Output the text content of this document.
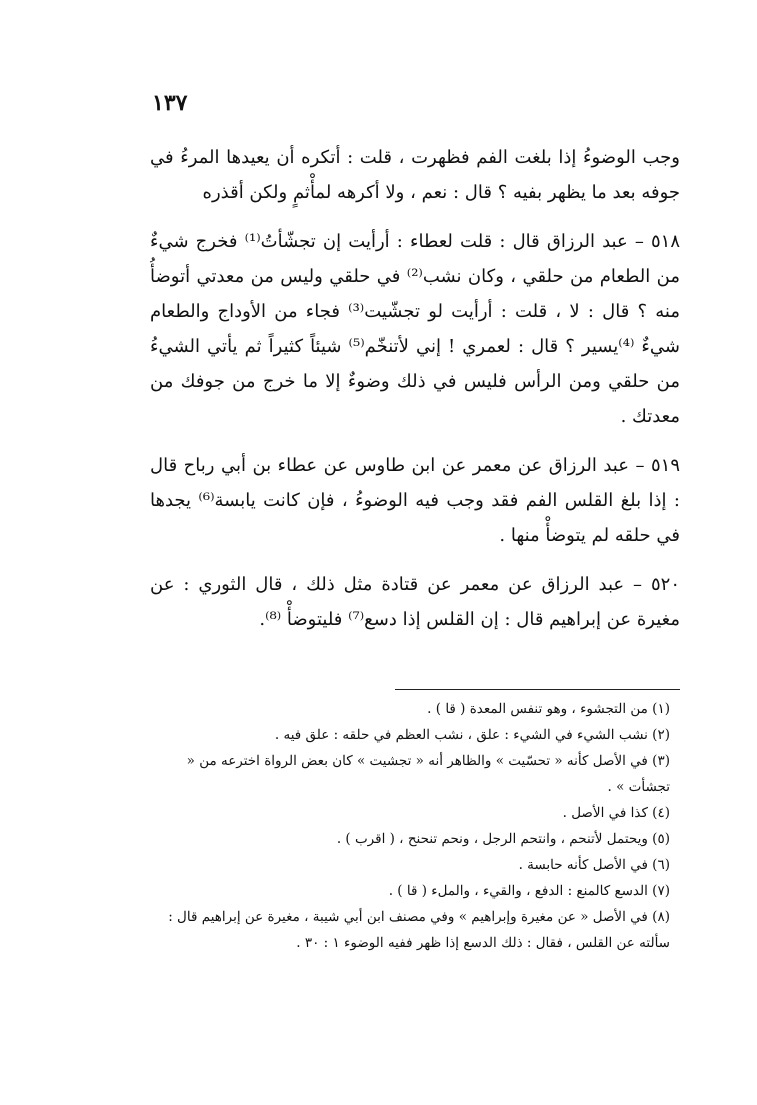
١٣٧

وجب الوضوءُ إذا بلغت الفم فظهرت ، قلت : أتكره أن يعيدها المرءُ في جوفه بعد ما يظهر بفيه ؟ قال : نعم ، ولا أكرهه لمأْثمٍ ولكن أقذره

٥١٨ – عبد الرزاق قال : قلت لعطاء : أرأيت إن تجشّأتُ⁽¹⁾ فخرج شيءٌ من الطعام من حلقي ، وكان نشب⁽²⁾ في حلقي وليس من معدتي أتوضأُ منه ؟ قال : لا ، قلت : أرأيت لو تجشّيت⁽³⁾ فجاء من الأوداج والطعام شيءٌ ⁽⁴⁾يسير ؟ قال : لعمري ! إني لأتنخّم⁽⁵⁾ شيئاً كثيراً ثم يأتي الشيءُ من حلقي ومن الرأس فليس في ذلك وضوءٌ إلا ما خرج من جوفك من معدتك .

٥١٩ – عبد الرزاق عن معمر عن ابن طاوس عن عطاء بن أبي رباح قال : إذا بلغ القلس الفم فقد وجب فيه الوضوءُ ، فإن كانت يابسة⁽⁶⁾ يجدها في حلقه لم يتوضأْ منها .

٥٢٠ – عبد الرزاق عن معمر عن قتادة مثل ذلك ، قال الثوري : عن مغيرة عن إبراهيم قال : إن القلس إذا دسع⁽⁷⁾ فليتوضأْ ⁽⁸⁾.

(١) من التجشوء ، وهو تنفس المعدة ( قا ) .

(٢) نشب الشيء في الشيء : علق ، نشب العظم في حلقه : علق فيه .

(٣) في الأصل كأنه « تحسّيت » والظاهر أنه « تجشيت » كان بعض الرواة اخترعه من « تجشأت » .

(٤) كذا في الأصل .

(٥) ويحتمل لأتنحم ، وانتحم الرجل ، ونحم تنحنح ، ( اقرب ) .

(٦) في الأصل كأنه حابسة .

(٧) الدسع كالمنع : الدفع ، والقيء ، والملء ( قا ) .

(٨) في الأصل « عن مغيرة وإبراهيم » وفي مصنف ابن أبي شيبة ، مغيرة عن إبراهيم قال : سألته عن القلس ، فقال : ذلك الدسع إذا ظهر ففيه الوضوء ١ : ٣٠ .
